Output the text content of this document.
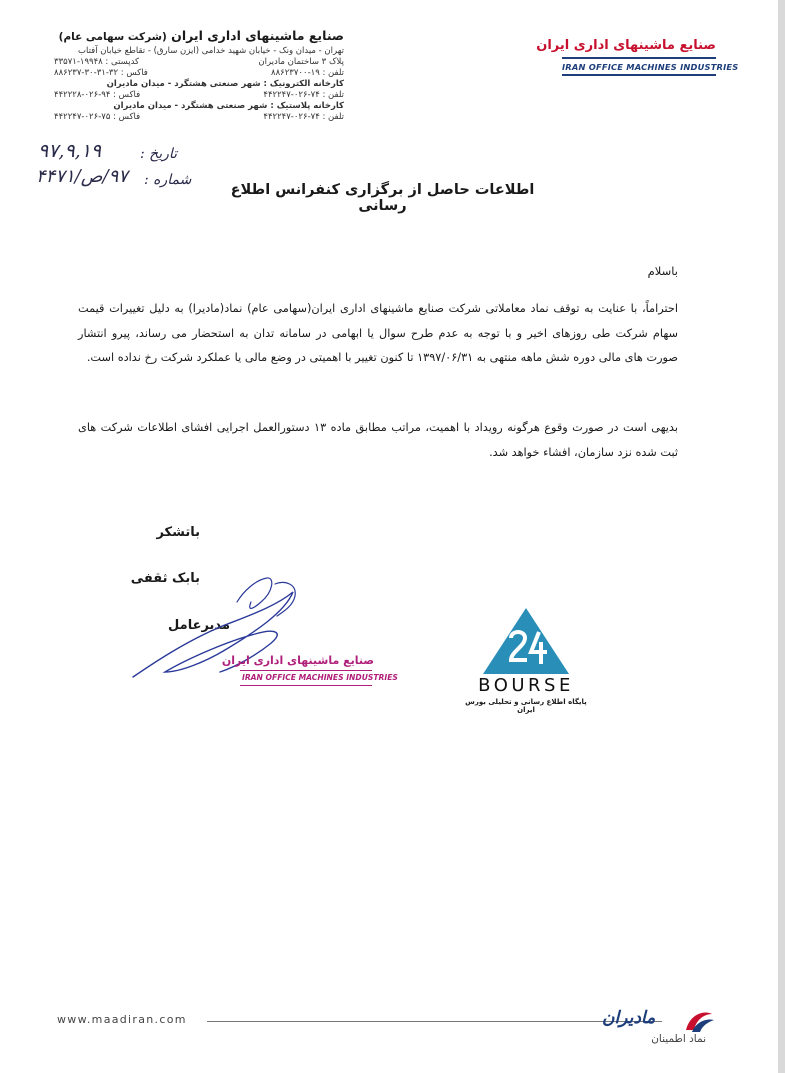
صنایع ماشینهای اداری ایران (شرکت سهامی عام)
تهران - میدان ونک - خیابان شهید خدامی (ایزن سارق) - تقاطع خیابان آفتاب
پلاک ۳ ساختمان مادیران
کدپستی : ۱۹۹۴۸-۳۳۵۷۱
تلفن : ۱۹-۸۸۶۲۳۷۰۰
فاکس : ۳۲-۳۱-۳۰-۸۸۶۲۳۷
کارخانه الکترونیک : شهر صنعتی هشتگرد - میدان مادیران
تلفن : ۷۴-۰۲۶-۴۴۲۲۴۷
فاکس : ۹۴-۰۲۶-۴۴۲۲۲۸
کارخانه پلاستیک : شهر صنعتی هشتگرد - میدان مادیران
تلفن : ۷۴-۰۲۶-۴۴۲۲۴۷
فاکس : ۷۵-۰۲۶-۴۴۲۲۴۷
صنایع ماشینهای اداری ایران
IRAN OFFICE MACHINES INDUSTRIES
تاریخ :
۹۷,۹,۱۹
شماره :
۹۷/ص/۴۴۷۱
اطلاعات حاصل از برگزاری کنفرانس اطلاع رسانی
باسلام
احتراماً، با عنایت به توقف نماد معاملاتی شرکت صنایع ماشینهای اداری ایران(سهامی عام) نماد(مادیرا) به دلیل تغییرات قیمت سهام شرکت طی روزهای اخیر و با توجه به عدم طرح سوال یا ابهامی در سامانه تدان به استحضار می رساند، پیرو انتشار صورت های مالی دوره شش ماهه منتهی به ۱۳۹۷/۰۶/۳۱ تا کنون تغییر با اهمیتی در وضع مالی یا عملکرد شرکت رخ نداده است.
بدیهی است در صورت وقوع هرگونه رویداد با اهمیت، مراتب مطابق ماده ۱۳ دستورالعمل اجرایی افشای اطلاعات شرکت های ثبت شده نزد سازمان، افشاء خواهد شد.
باتشکر
بابک ثقفی
مدیرعامل
صنایع ماشینهای اداری ایران
IRAN OFFICE MACHINES INDUSTRIES	BOURSE
پایگاه اطلاع رسانی و تحلیلی بورس ایران
www.maadiran.com	مادیران
نماد اطمینان
